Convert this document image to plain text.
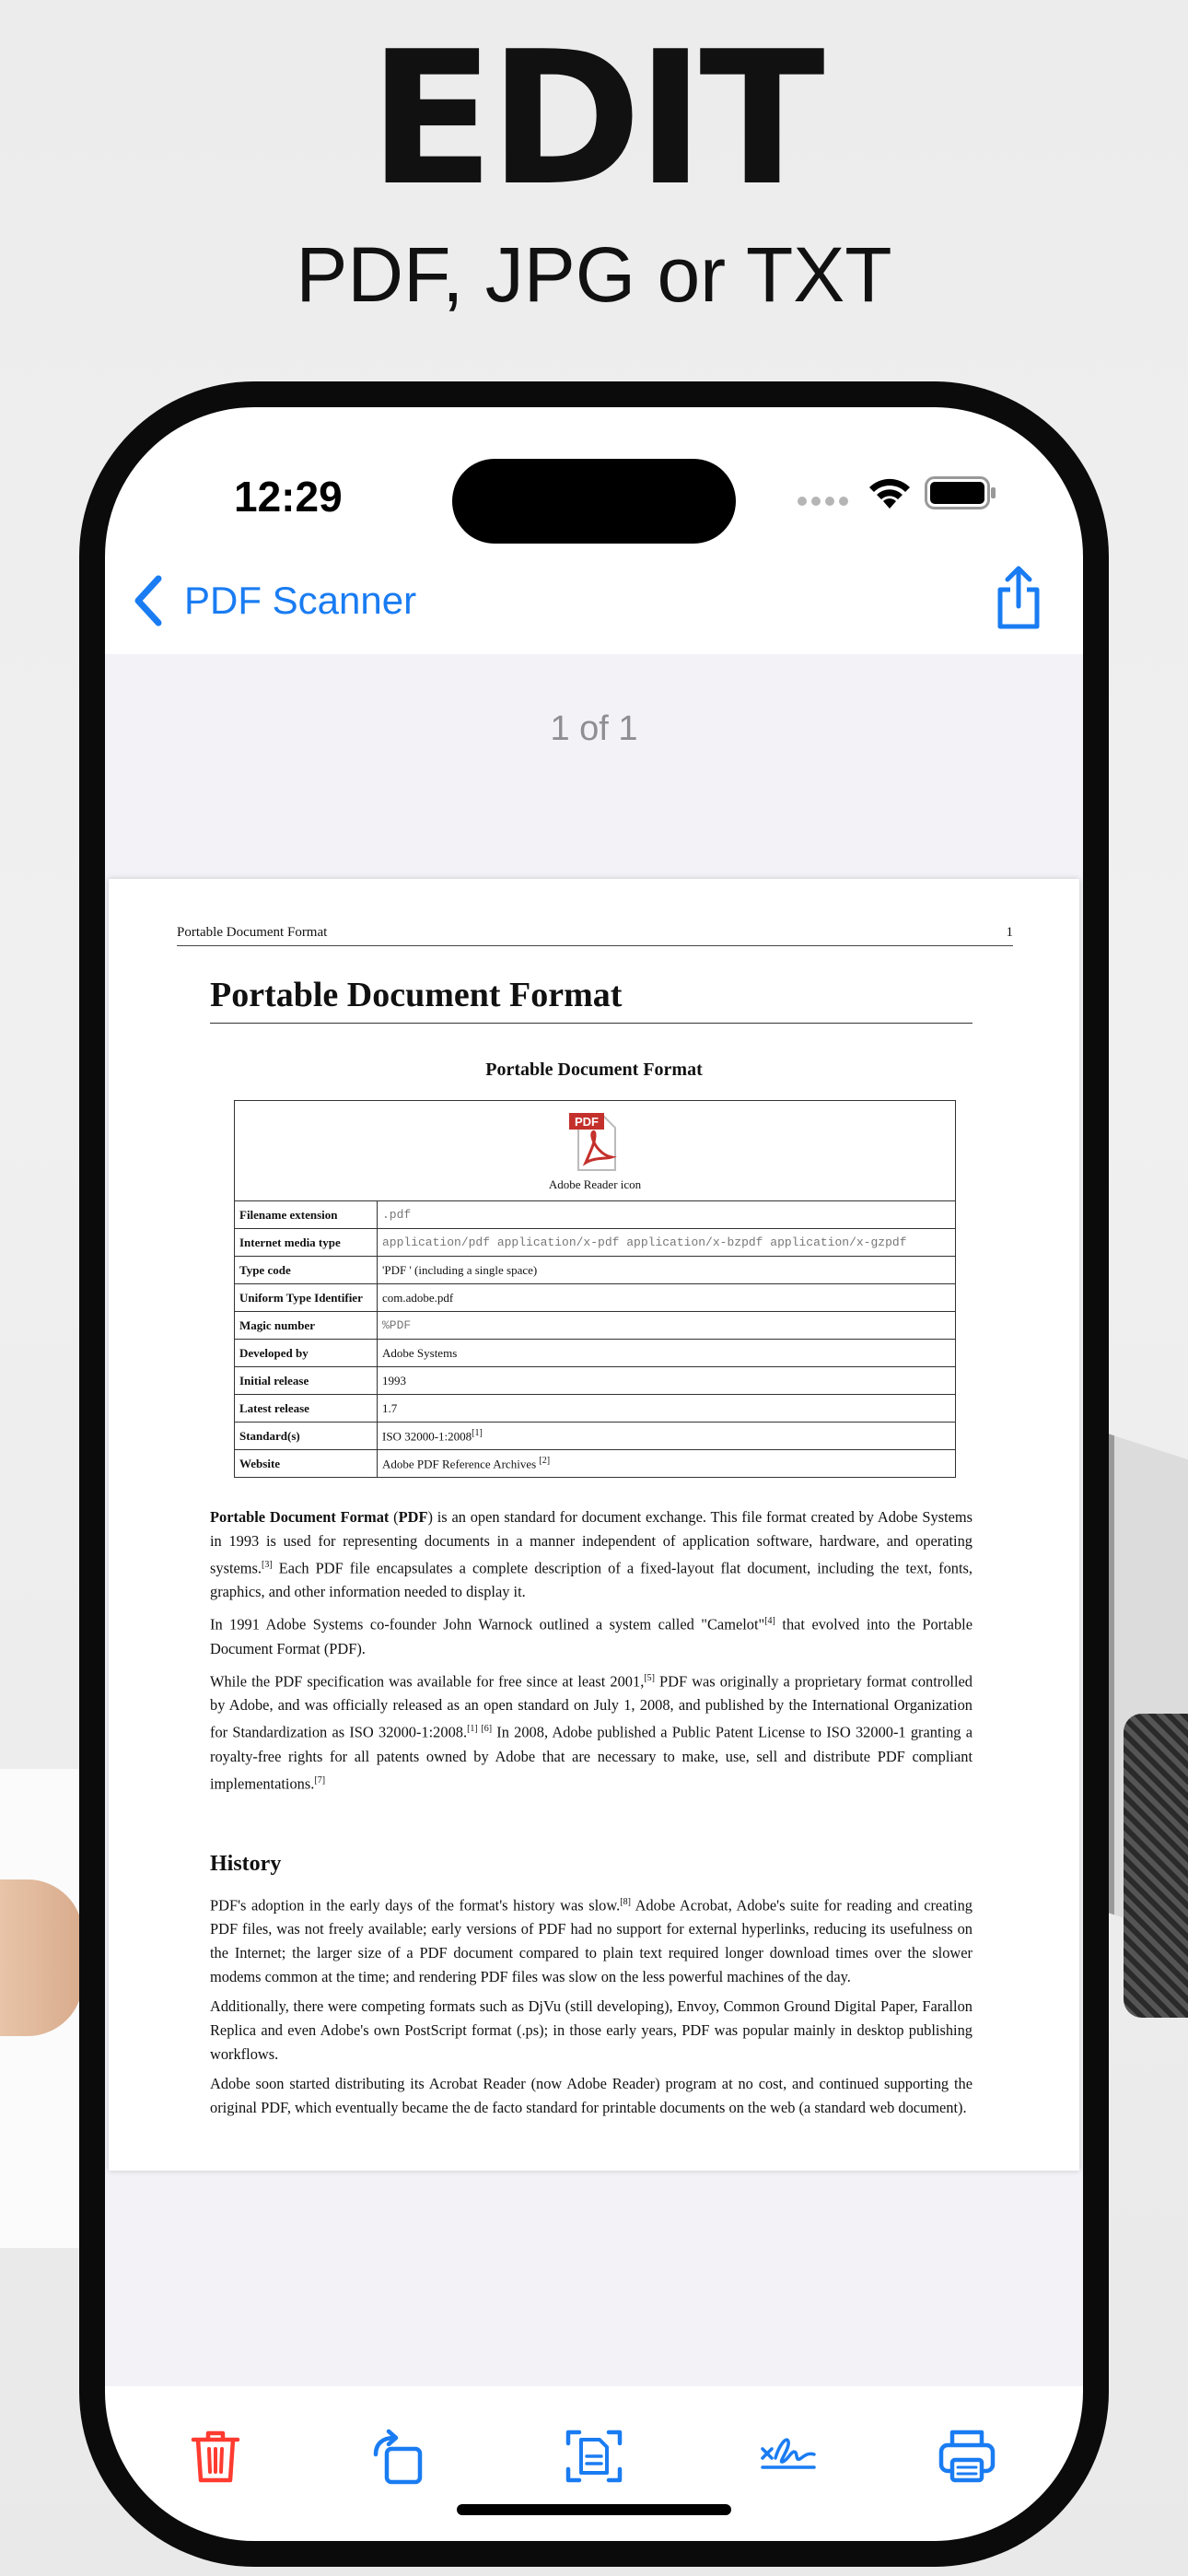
EDIT
PDF, JPG or TXT
12:29
PDF Scanner
1 of 1
Portable Document Format	1
Portable Document Format
Portable Document Format
PDF
Adobe Reader icon	

Filename extension	.pdf
Internet media type	application/pdf application/x-pdf application/x-bzpdf application/x-gzpdf
Type code	'PDF ' (including a single space)
Uniform Type Identifier	com.adobe.pdf
Magic number	%PDF
Developed by	Adobe Systems
Initial release	1993
Latest release	1.7
Standard(s)	ISO 32000-1:2008[1]
Website	Adobe PDF Reference Archives [2]

Portable Document Format (PDF) is an open standard for document exchange. This file format created by Adobe Systems in 1993 is used for representing documents in a manner independent of application software, hardware, and operating systems.[3] Each PDF file encapsulates a complete description of a fixed-layout flat document, including the text, fonts, graphics, and other information needed to display it.

In 1991 Adobe Systems co-founder John Warnock outlined a system called "Camelot"[4] that evolved into the Portable Document Format (PDF).

While the PDF specification was available for free since at least 2001,[5] PDF was originally a proprietary format controlled by Adobe, and was officially released as an open standard on July 1, 2008, and published by the International Organization for Standardization as ISO 32000-1:2008.[1] [6] In 2008, Adobe published a Public Patent License to ISO 32000-1 granting a royalty-free rights for all patents owned by Adobe that are necessary to make, use, sell and distribute PDF compliant implementations.[7]

History

PDF's adoption in the early days of the format's history was slow.[8] Adobe Acrobat, Adobe's suite for reading and creating PDF files, was not freely available; early versions of PDF had no support for external hyperlinks, reducing its usefulness on the Internet; the larger size of a PDF document compared to plain text required longer download times over the slower modems common at the time; and rendering PDF files was slow on the less powerful machines of the day.

Additionally, there were competing formats such as DjVu (still developing), Envoy, Common Ground Digital Paper, Farallon Replica and even Adobe's own PostScript format (.ps); in those early years, PDF was popular mainly in desktop publishing workflows.

Adobe soon started distributing its Acrobat Reader (now Adobe Reader) program at no cost, and continued supporting the original PDF, which eventually became the de facto standard for printable documents on the web (a standard web document).
